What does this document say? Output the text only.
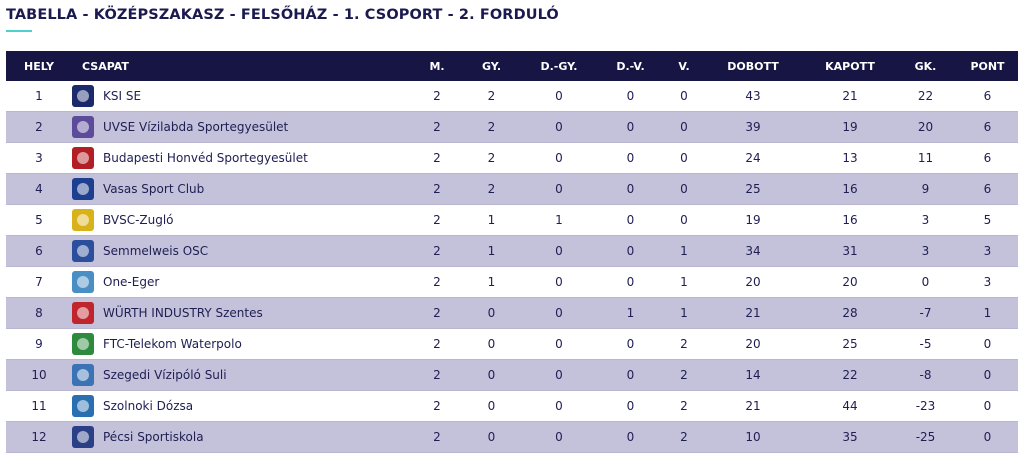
TABELLA - KÖZÉPSZAKASZ - FELSŐHÁZ - 1. CSOPORT - 2. FORDULÓ
HELY	CSAPAT	M.	GY.	D.-GY.	D.-V.	V.	DOBOTT	KAPOTT	GK.	PONT
1	KSI SE	2	2	0	0	0	43	21	22	6
2	UVSE Vízilabda Sportegyesület	2	2	0	0	0	39	19	20	6
3	Budapesti Honvéd Sportegyesület	2	2	0	0	0	24	13	11	6
4	Vasas Sport Club	2	2	0	0	0	25	16	9	6
5	BVSC-Zugló	2	1	1	0	0	19	16	3	5
6	Semmelweis OSC	2	1	0	0	1	34	31	3	3
7	One-Eger	2	1	0	0	1	20	20	0	3
8	WÜRTH INDUSTRY Szentes	2	0	0	1	1	21	28	-7	1
9	FTC-Telekom Waterpolo	2	0	0	0	2	20	25	-5	0
10	Szegedi Vízipóló Suli	2	0	0	0	2	14	22	-8	0
11	Szolnoki Dózsa	2	0	0	0	2	21	44	-23	0
12	Pécsi Sportiskola	2	0	0	0	2	10	35	-25	0
